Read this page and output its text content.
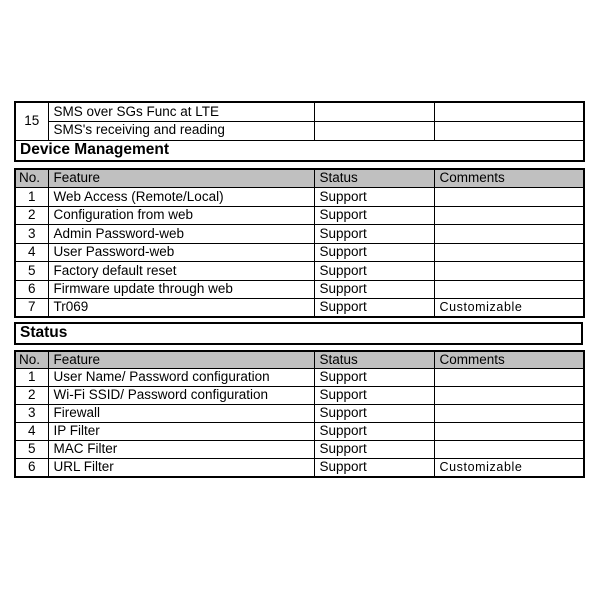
15	SMS over SGs Func at LTE		
	SMS's receiving and reading		
Device Management			
No.	Feature	Status	Comments
1	Web Access (Remote/Local)	Support	
2	Configuration from web	Support	
3	Admin Password-web	Support	
4	User Password-web	Support	
5	Factory default reset	Support	
6	Firmware update through web	Support	
7	Tr069	Support	Customizable
Status
No.	Feature	Status	Comments
1	User Name/ Password configuration	Support	
2	Wi-Fi SSID/ Password configuration	Support	
3	Firewall	Support	
4	IP Filter	Support	
5	MAC Filter	Support	
6	URL Filter	Support	Customizable
